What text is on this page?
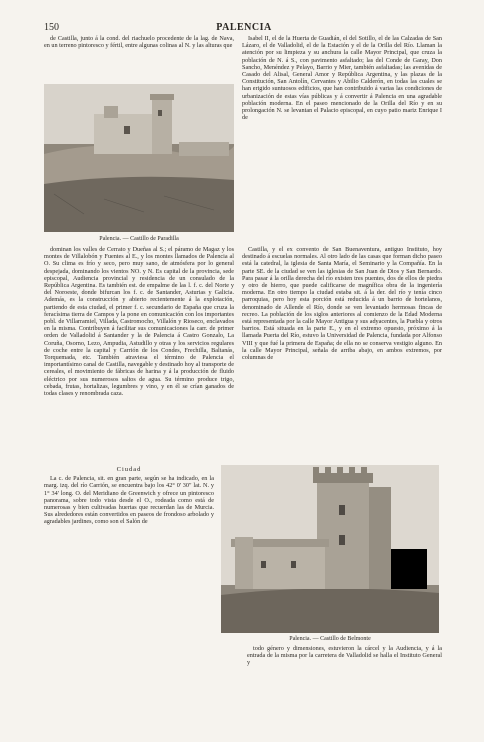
150	PALENCIA

de Castilla, junto á la cond. del riachuelo procedente de la lag. de Nava, en un terreno pintoresco y fértil, entre algunas colinas al N. y las alturas que

Isabel II, el de la Huerta de Guadián, el del Sotillo, el de las Calzadas de San Lázaro, el de Valladolid, el de la Estación y el de la Orilla del Río. Llaman la atención por su limpieza y su anchura la calle Mayor Principal, que cruza la población de N. á S., con pavimento asfaltado; las del Conde de Garay, Don Sancho, Menéndez y Pelayo, Barrio y Mier, también asfaltadas; las avenidas de Casado del Alisal, General Amor y República Argentina, y las plazas de la Constitución, San Antolín, Cervantes y Abilio Calderón, en todas las cuales se han erigido suntuosos edificios, que han contribuido á varias las condiciones de urbanización de estas vías públicas y á convertir á Palencia en una agradable población moderna. En el paseo mencionado de la Orilla del Río y en su prolongación N. se levantan el Palacio episcopal, en cuyo patio mariz Enrique I de

Palencia. — Castillo de Paradilla

dominan los valles de Cerrato y Dueñas al S.; el páramo de Magaz y los montes de Villalobón y Fuentes al E., y los montes llamados de Palencia al O. Su clima es frío y seco, pero muy sano, de atmósfera por lo general despejada, dominando los vientos NO. y N. Es capital de la provincia, sede episcopal, Audiencia provincial y residencia de un consulado de la República Argentina. Es también est. de empalme de las l. f. c. del Norte y del Noroeste, donde bifurcan los f. c. de Santander, Asturias y Galicia. Además, es la construcción y abierto recientemente á la explotación, partiendo de esta ciudad, el primer f. c. secundario de España que cruza la feracísima tierra de Campos y la pone en comunicación con los importantes pobl. de Villarramiel, Villada, Castromocho, Villalón y Rioseco, enclavados en la misma. Contribuyen á facilitar sus comunicaciones la carr. de primer orden de Valladolid á Santander y la de Palencia á Castro Gonzalo, La Coruña, Osorno, Lezo, Ampudia, Astudillo y otras y los servicios regulares de coche entre la capital y Carrión de los Condes, Frechilla, Baltanás, Torquemada, etc. También atraviesa el término de Palencia el importantísimo canal de Castilla, navegable y destinado hoy al transporte de cereales, el movimiento de fábricas de harina y á la producción de fluido eléctrico por sus numerosos saltos de agua. Su término produce trigo, cebada, frutas, hortalizas, legumbres y vino, y en él se crían ganados de todas clases y renombrada caza.

Castilla, y el ex convento de San Buenaventura, antiguo Instituto, hoy destinado á escuelas normales. Al otro lado de las casas que forman dicho paseo está la catedral, la iglesia de Santa María, el Seminario y la Compañía. En la parte SE. de la ciudad se ven las iglesias de San Juan de Dios y San Bernardo. Para pasar á la orilla derecha del río existen tres puentes, dos de ellos de piedra y otro de hierro, que puede calificarse de magnífica obra de la ingeniería moderna. En otro tiempo la ciudad estaba sit. á la der. del río y tenía cinco parroquias, pero hoy esta porción está reducida á un barrio de hortelanos, denominado de Allende el Río, donde se ven levantado hermosas fincas de recreo. La población de los siglos anteriores al comienzo de la Edad Moderna está representada por la calle Mayor Antigua y sus adyacentes, la Puebla y otros barrios. Está situada en la parte E., y en el extremo opuesto, próximo á la llamada Puerta del Río, estuvo la Universidad de Palencia, fundada por Alfonso VIII y que fué la primera de España; de ella no se conserva vestigio alguno. En la calle Mayor Principal, señala de arriba abajo, en ambos extremos, por columnas de

Ciudad

La c. de Palencia, sit. en gran parte, según se ha indicado, en la marg. izq. del río Carrión, se encuentra bajo los 42° 0' 30" lat. N. y 1° 34' long. O. del Meridiano de Greenwich y ofrece un pintoresco panorama, sobre todo vista desde el O., rodeada como está de numerosas y bien cultivadas huertas que recuerdan las de Murcia. Sus alrededores están convertidos en paseos de frondoso arbolado y agradables jardines, como son el Salón de

Palencia. — Castillo de Belmonte

todo género y dimensiones, estuvieron la cárcel y la Audiencia, y á la entrada de la misma por la carretera de Valladolid se halla el Instituto General y
